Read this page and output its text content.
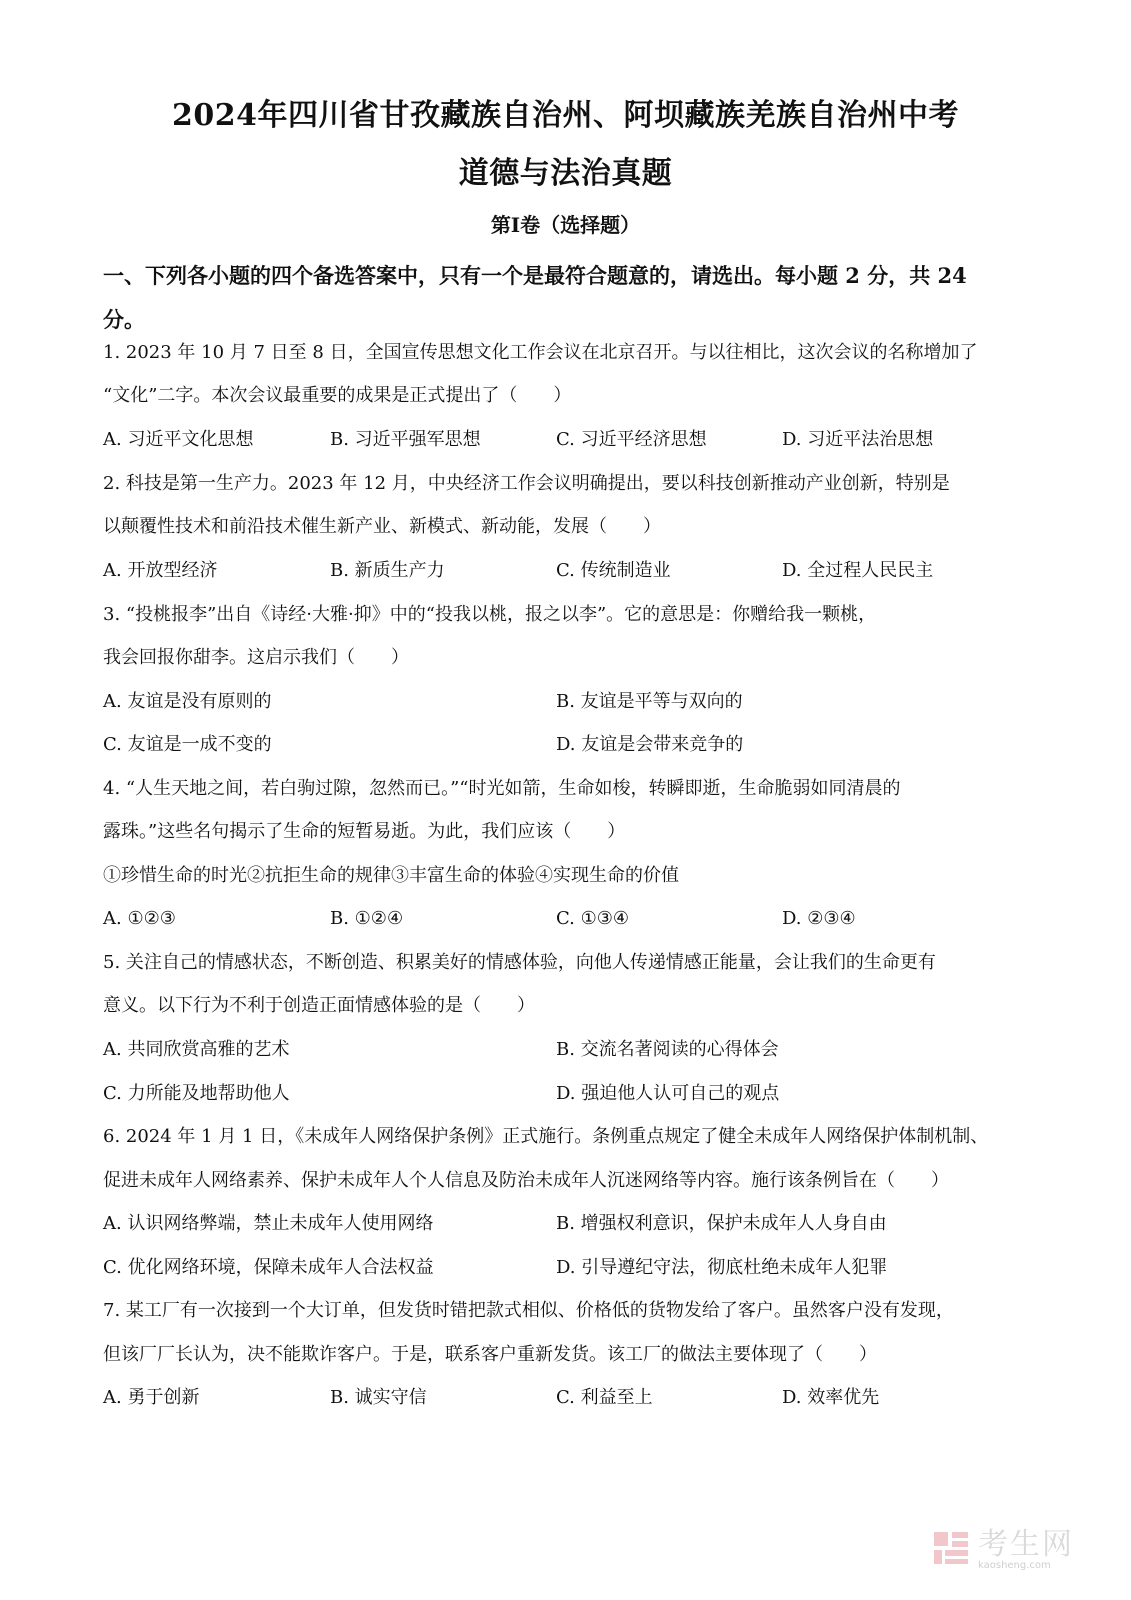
2024年四川省甘孜藏族自治州、阿坝藏族羌族自治州中考
道德与法治真题
第Ⅰ卷（选择题）
一、下列各小题的四个备选答案中，只有一个是最符合题意的，请选出。每小题 2 分，共 24
分。
1. 2023 年 10 月 7 日至 8 日，全国宣传思想文化工作会议在北京召开。与以往相比，这次会议的名称增加了
“文化”二字。本次会议最重要的成果是正式提出了（　　）
A. 习近平文化思想	B. 习近平强军思想	C. 习近平经济思想	D. 习近平法治思想
2. 科技是第一生产力。2023 年 12 月，中央经济工作会议明确提出，要以科技创新推动产业创新，特别是
以颠覆性技术和前沿技术催生新产业、新模式、新动能，发展（　　）
A. 开放型经济	B. 新质生产力	C. 传统制造业	D. 全过程人民民主
3. “投桃报李”出自《诗经·大雅·抑》中的“投我以桃，报之以李”。它的意思是：你赠给我一颗桃，
我会回报你甜李。这启示我们（　　）
A. 友谊是没有原则的	B. 友谊是平等与双向的
C. 友谊是一成不变的	D. 友谊是会带来竞争的
4. “人生天地之间，若白驹过隙，忽然而已。”“时光如箭，生命如梭，转瞬即逝，生命脆弱如同清晨的
露珠。”这些名句揭示了生命的短暂易逝。为此，我们应该（　　）
①珍惜生命的时光②抗拒生命的规律③丰富生命的体验④实现生命的价值
A. ①②③	B. ①②④	C. ①③④	D. ②③④
5. 关注自己的情感状态，不断创造、积累美好的情感体验，向他人传递情感正能量，会让我们的生命更有
意义。以下行为不利于创造正面情感体验的是（　　）
A. 共同欣赏高雅的艺术	B. 交流名著阅读的心得体会
C. 力所能及地帮助他人	D. 强迫他人认可自己的观点
6. 2024 年 1 月 1 日，《未成年人网络保护条例》正式施行。条例重点规定了健全未成年人网络保护体制机制、
促进未成年人网络素养、保护未成年人个人信息及防治未成年人沉迷网络等内容。施行该条例旨在（　　）
A. 认识网络弊端，禁止未成年人使用网络	B. 增强权利意识，保护未成年人人身自由
C. 优化网络环境，保障未成年人合法权益	D. 引导遵纪守法，彻底杜绝未成年人犯罪
7. 某工厂有一次接到一个大订单，但发货时错把款式相似、价格低的货物发给了客户。虽然客户没有发现，
但该厂厂长认为，决不能欺诈客户。于是，联系客户重新发货。该工厂的做法主要体现了（　　）
A. 勇于创新	B. 诚实守信	C. 利益至上	D. 效率优先
考生网
kaosheng.com
